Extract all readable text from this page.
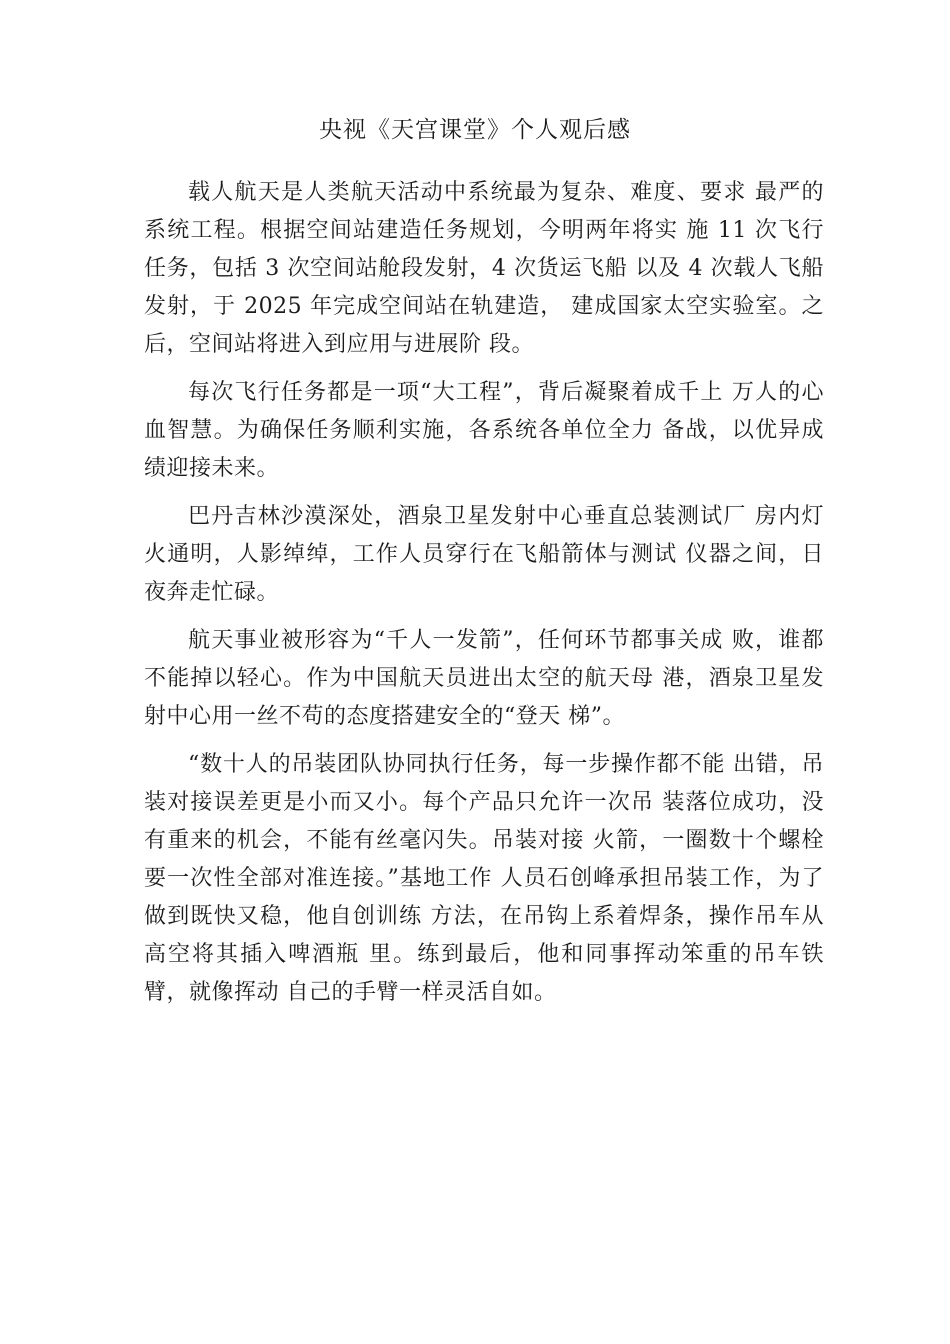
央视《天宫课堂》个人观后感

载人航天是人类航天活动中系统最为复杂、难度、要求 最严的系统工程。根据空间站建造任务规划，今明两年将实 施 11 次飞行任务，包括 3 次空间站舱段发射，4 次货运飞船 以及 4 次载人飞船发射，于 2025 年完成空间站在轨建造， 建成国家太空实验室。之后，空间站将进入到应用与进展阶 段。

每次飞行任务都是一项“大工程”，背后凝聚着成千上 万人的心血智慧。为确保任务顺利实施，各系统各单位全力 备战，以优异成绩迎接未来。

巴丹吉林沙漠深处，酒泉卫星发射中心垂直总装测试厂 房内灯火通明，人影绰绰，工作人员穿行在飞船箭体与测试 仪器之间，日夜奔走忙碌。

航天事业被形容为“千人一发箭”，任何环节都事关成 败，谁都不能掉以轻心。作为中国航天员进出太空的航天母 港，酒泉卫星发射中心用一丝不苟的态度搭建安全的“登天 梯”。

“数十人的吊装团队协同执行任务，每一步操作都不能 出错，吊装对接误差更是小而又小。每个产品只允许一次吊 装落位成功，没有重来的机会，不能有丝毫闪失。吊装对接 火箭，一圈数十个螺栓要一次性全部对准连接。”基地工作 人员石创峰承担吊装工作，为了做到既快又稳，他自创训练 方法，在吊钩上系着焊条，操作吊车从高空将其插入啤酒瓶 里。练到最后，他和同事挥动笨重的吊车铁臂，就像挥动 自己的手臂一样灵活自如。
